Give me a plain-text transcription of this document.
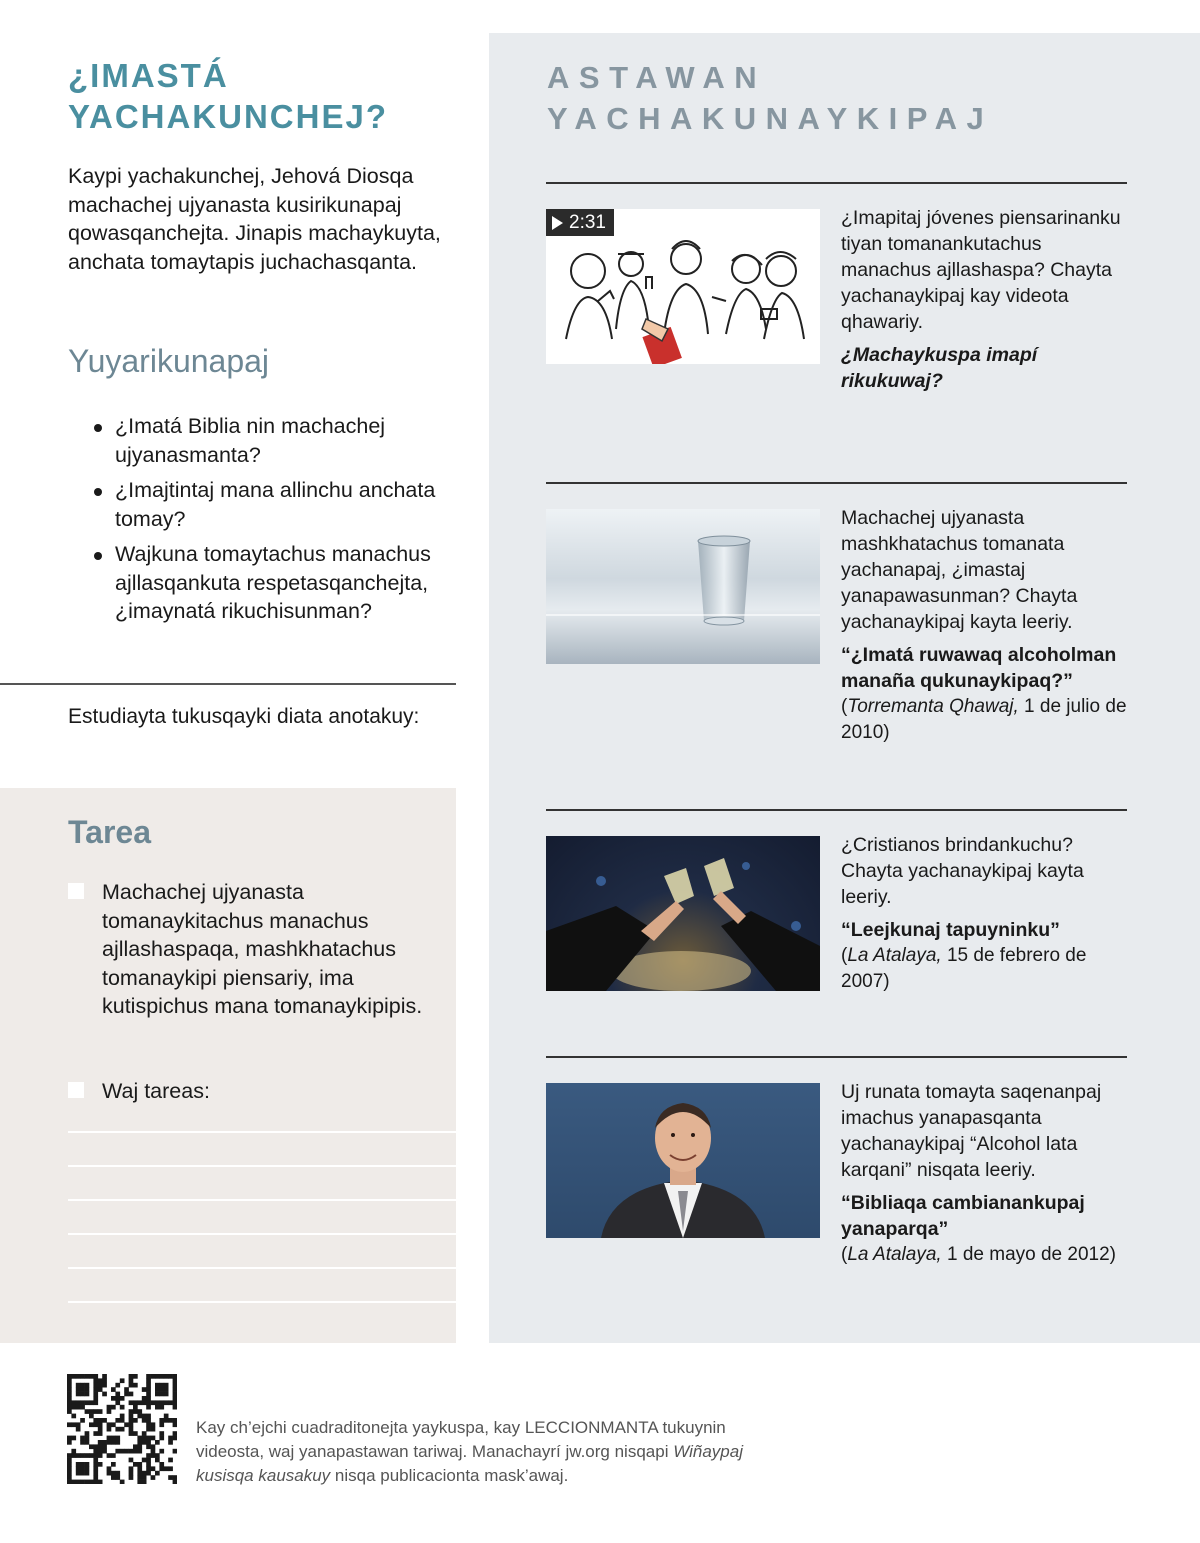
¿IMASTÁ
YACHAKUNCHEJ?

Kaypi yachakunchej, Jehová Diosqa machachej ujyanasta kusirikunapaj qowasqanchejta. Jinapis machaykuyta, anchata tomaytapis juchachasqanta.

Yuyarikunapaj
¿Imatá Biblia nin machachej ujyanasmanta?
¿Imajtintaj mana allinchu anchata tomay?
Wajkuna tomaytachus manachus ajllasqankuta respetasqanchejta, ¿imaynatá rikuchisunman?
Estudiayta tukusqayki diata anotakuy:
Tarea
Machachej ujyanasta tomanaykitachus manachus ajllashaspaqa, mashkhatachus tomanaykipi piensariy, ima kutispichus mana tomanaykipipis.
Waj tareas:
ASTAWAN
YACHAKUNAYKIPAJ
2:31	¿Imapitaj jóvenes piensarinanku tiyan tomanankutachus manachus ajllashaspa? Chayta yachanaykipaj kay videota qhawariy.
¿Machaykuspa imapí rikukuwaj?
Machachej ujyanasta mashkhatachus tomanata yachanapaj, ¿imastaj yanapawasunman? Chayta yachanaykipaj kayta leeriy.
“¿Imatá ruwawaq alcoholman manaña qukunaykipaq?”
(Torremanta Qhawaj, 1 de julio de 2010)
¿Cristianos brindankuchu? Chayta yachanaykipaj kayta leeriy.
“Leejkunaj tapuyninku”
(La Atalaya, 15 de febrero de 2007)
Uj runata tomayta saqenanpaj imachus yanapasqanta yachanaykipaj “Alcohol lata karqani” nisqata leeriy.
“Bibliaqa cambianankupaj yanaparqa”
(La Atalaya, 1 de mayo de 2012)

Kay ch’ejchi cuadraditonejta yaykuspa, kay LECCIONMANTA tukuynin videosta, waj yanapastawan tariwaj. Manachayrí jw.org nisqapi Wiñaypaj kusisqa kausakuy nisqa publicacionta mask’awaj.
